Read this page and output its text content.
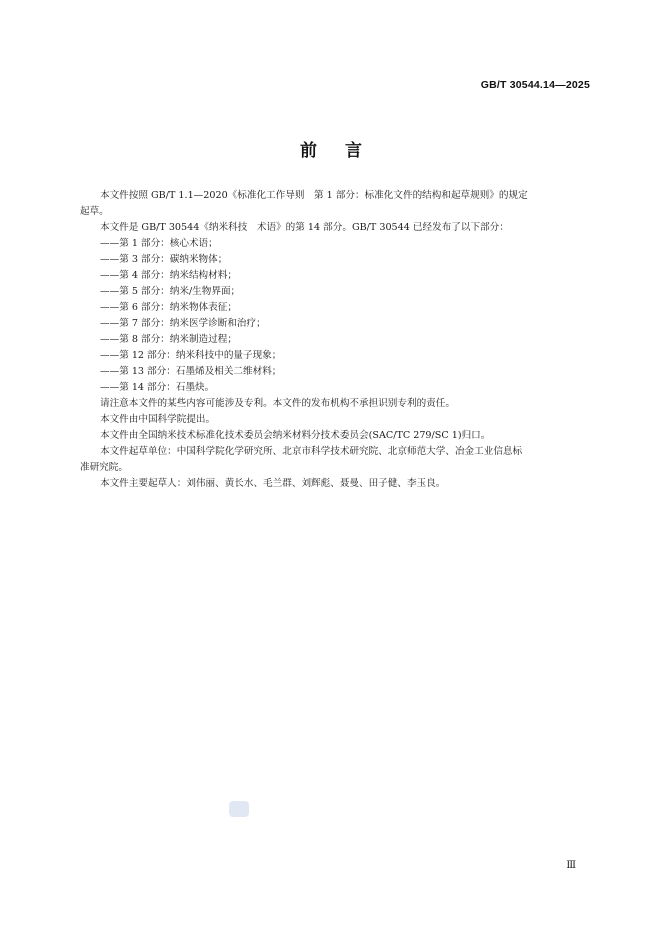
GB/T 30544.14—2025
前言

本文件按照 GB/T 1.1—2020《标准化工作导则　第 1 部分：标准化文件的结构和起草规则》的规定

起草。

本文件是 GB/T 30544《纳米科技　术语》的第 14 部分。GB/T 30544 已经发布了以下部分：

——第 1 部分：核心术语；

——第 3 部分：碳纳米物体；

——第 4 部分：纳米结构材料；

——第 5 部分：纳米/生物界面；

——第 6 部分：纳米物体表征；

——第 7 部分：纳米医学诊断和治疗；

——第 8 部分：纳米制造过程；

——第 12 部分：纳米科技中的量子现象；

——第 13 部分：石墨烯及相关二维材料；

——第 14 部分：石墨炔。

请注意本文件的某些内容可能涉及专利。本文件的发布机构不承担识别专利的责任。

本文件由中国科学院提出。

本文件由全国纳米技术标准化技术委员会纳米材料分技术委员会(SAC/TC 279/SC 1)归口。

本文件起草单位：中国科学院化学研究所、北京市科学技术研究院、北京师范大学、冶金工业信息标

准研究院。

本文件主要起草人：刘伟丽、黄长水、毛兰群、刘辉彪、聂曼、田子健、李玉良。

Ⅲ
